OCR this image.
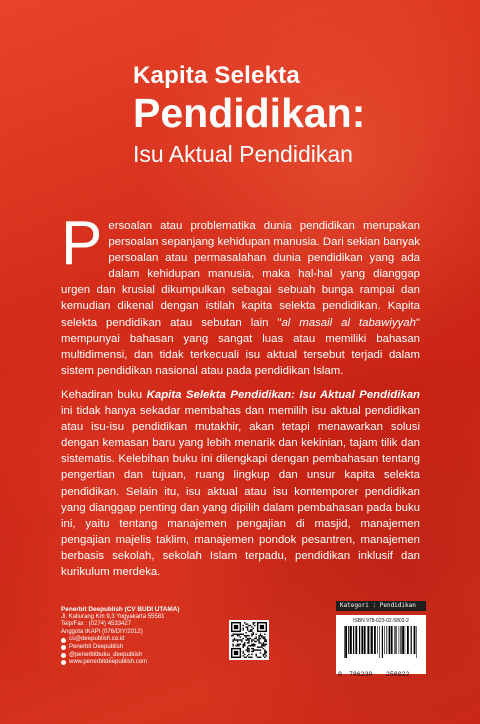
Kapita Selekta
Pendidikan:
Isu Aktual Pendidikan

Persoalan atau problematika dunia pendidikan merupakan persoalan sepanjang kehidupan manusia. Dari sekian banyak persoalan atau permasalahan dunia pendidikan yang ada dalam kehidupan manusia, maka hal-hal yang dianggap urgen dan krusial dikumpulkan sebagai sebuah bunga rampai dan kemudian dikenal dengan istilah kapita selekta pendidikan. Kapita selekta pendidikan atau sebutan lain "al masail al tabawiyyah" mempunyai bahasan yang sangat luas atau memiliki bahasan multidimensi, dan tidak terkecuali isu aktual tersebut terjadi dalam sistem pendidikan nasional atau pada pendidikan Islam.

Kehadiran buku Kapita Selekta Pendidikan: Isu Aktual Pendidikan ini tidak hanya sekadar membahas dan memilih isu aktual pendidikan atau isu-isu pendidikan mutakhir, akan tetapi menawarkan solusi dengan kemasan baru yang lebih menarik dan kekinian, tajam tilik dan sistematis. Kelebihan buku ini dilengkapi dengan pembahasan tentang pengertian dan tujuan, ruang lingkup dan unsur kapita selekta pendidikan. Selain itu, isu aktual atau isu kontemporer pendidikan yang dianggap penting dan yang dipilih dalam pembahasan pada buku ini, yaitu tentang manajemen pengajian di masjid, manajemen pengajian majelis taklim, manajemen pondok pesantren, manajemen berbasis sekolah, sekolah Islam terpadu, pendidikan inklusif dan kurikulum merdeka.

Penerbit Deepublish (CV BUDI UTAMA)
Jl. Kaliurang Km 9,3 Yogyakarta 55581
Telp/Fax : (0274) 4533427
Anggota IKAPI (076/DIY/2012)
cs@deepublish.co.id
Penerbit Deepublish
@penerbitbuku_deepublish
www.penerbitdeepublish.com
Kategori : Pendidikan
ISBN 978-623-02-5802-2
9 786230 258022
